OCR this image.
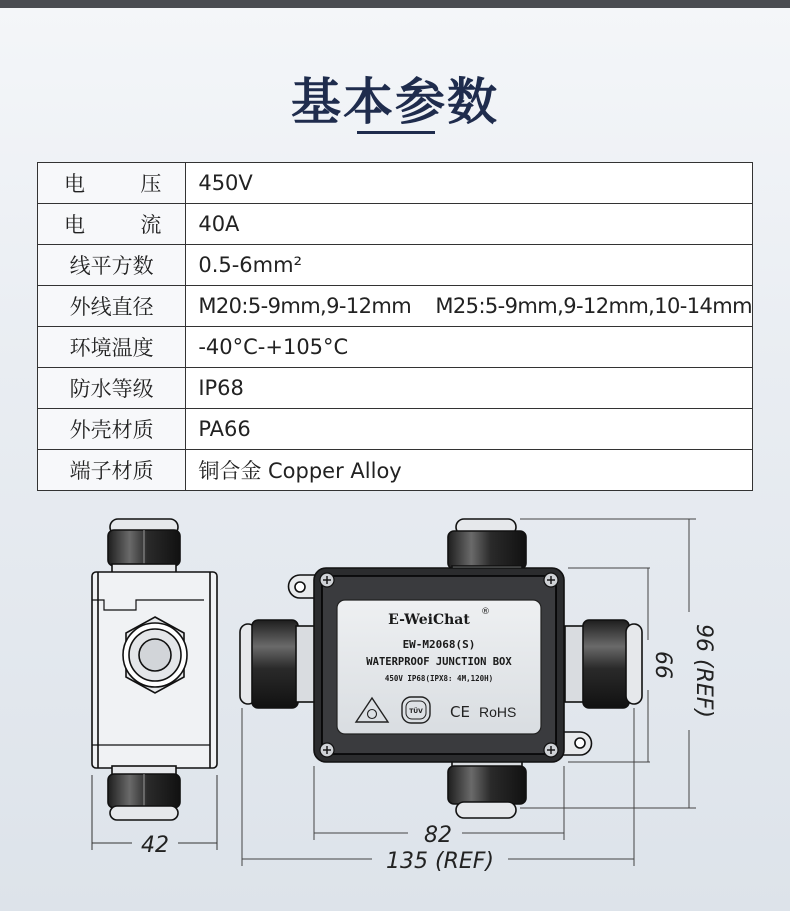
基本参数
电 压	450V

电 流	40A
线平方数	0.5-6mm²
外线直径	M20:5-9mm,9-12mm    M25:5-9mm,9-12mm,10-14mm
环境温度	-40°C-+105°C
防水等级	IP68
外壳材质	PA66
端子材质	铜合金 Copper Alloy
42
E-WeiChat ®
EW-M2068(S)
WATERPROOF JUNCTION BOX
450V IP68(IPX8: 4M,120H)
TÜV CE RoHS
82
135 (REF)
66 96 (REF)
